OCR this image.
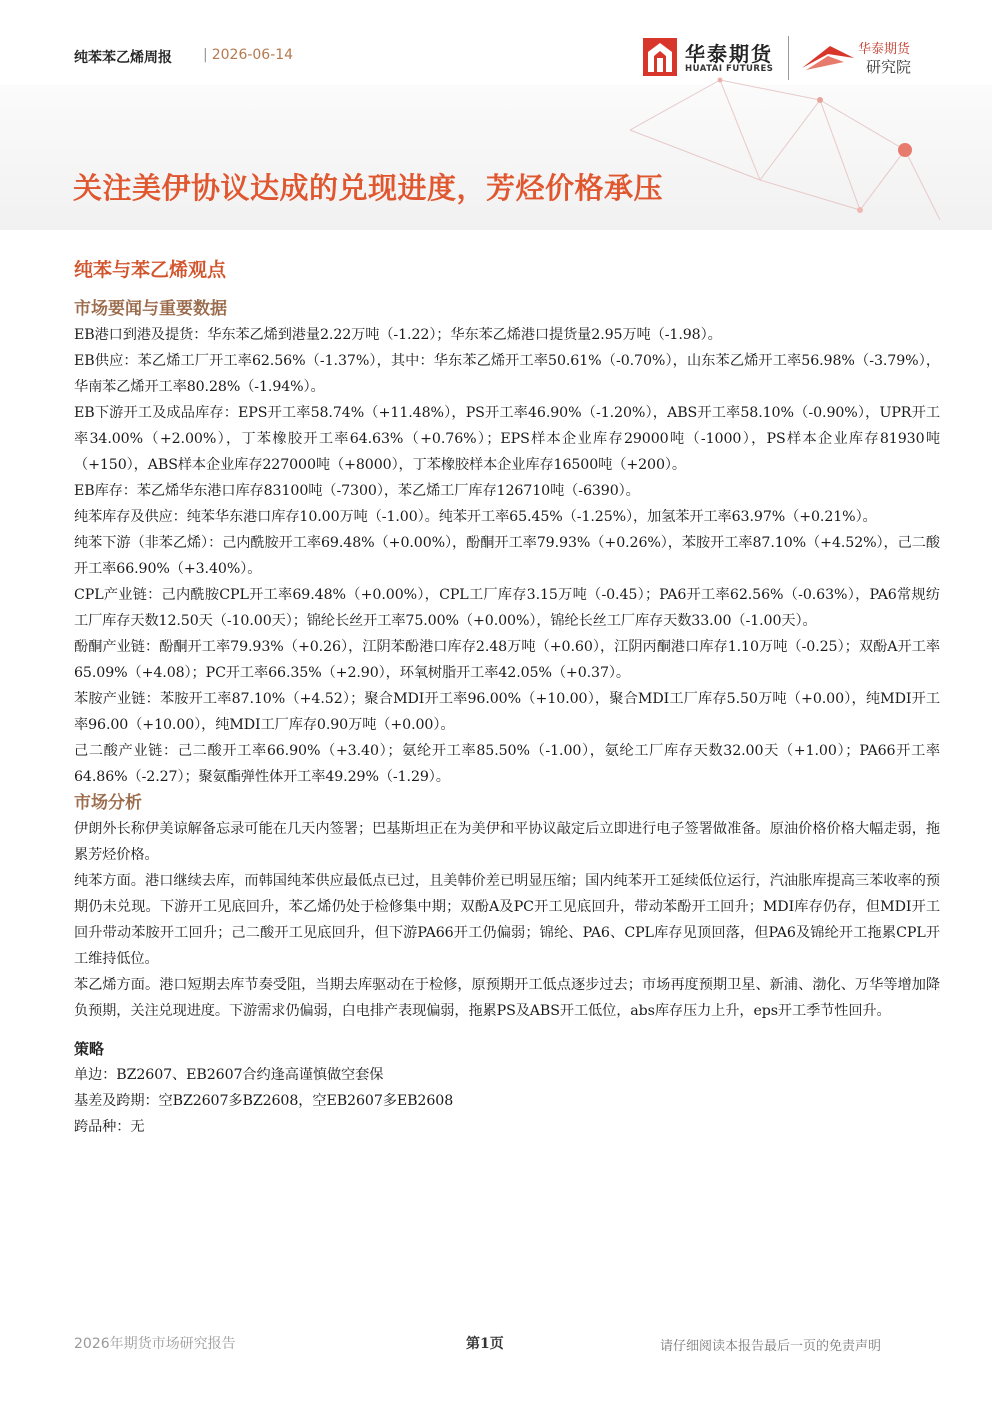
纯苯苯乙烯周报 | 2026-06-14	华泰期货
HUATAI FUTURES
华泰期货
研究院
关注美伊协议达成的兑现进度，芳烃价格承压
纯苯与苯乙烯观点
市场要闻与重要数据

EB港口到港及提货：华东苯乙烯到港量2.22万吨（-1.22）；华东苯乙烯港口提货量2.95万吨（-1.98）。

EB供应：苯乙烯工厂开工率62.56%（-1.37%），其中：华东苯乙烯开工率50.61%（-0.70%），山东苯乙烯开工率56.98%（-3.79%），华南苯乙烯开工率80.28%（-1.94%）。

EB下游开工及成品库存：EPS开工率58.74%（+11.48%），PS开工率46.90%（-1.20%），ABS开工率58.10%（-0.90%），UPR开工率34.00%（+2.00%），丁苯橡胶开工率64.63%（+0.76%）；EPS样本企业库存29000吨（-1000），PS样本企业库存81930吨（+150），ABS样本企业库存227000吨（+8000），丁苯橡胶样本企业库存16500吨（+200）。

EB库存：苯乙烯华东港口库存83100吨（-7300），苯乙烯工厂库存126710吨（-6390）。

纯苯库存及供应：纯苯华东港口库存10.00万吨（-1.00）。纯苯开工率65.45%（-1.25%），加氢苯开工率63.97%（+0.21%）。

纯苯下游（非苯乙烯）：己内酰胺开工率69.48%（+0.00%），酚酮开工率79.93%（+0.26%），苯胺开工率87.10%（+4.52%），己二酸开工率66.90%（+3.40%）。

CPL产业链：己内酰胺CPL开工率69.48%（+0.00%），CPL工厂库存3.15万吨（-0.45）；PA6开工率62.56%（-0.63%），PA6常规纺工厂库存天数12.50天（-10.00天）；锦纶长丝开工率75.00%（+0.00%），锦纶长丝工厂库存天数33.00（-1.00天）。

酚酮产业链：酚酮开工率79.93%（+0.26），江阴苯酚港口库存2.48万吨（+0.60），江阴丙酮港口库存1.10万吨（-0.25）；双酚A开工率65.09%（+4.08）；PC开工率66.35%（+2.90），环氧树脂开工率42.05%（+0.37）。

苯胺产业链：苯胺开工率87.10%（+4.52）；聚合MDI开工率96.00%（+10.00），聚合MDI工厂库存5.50万吨（+0.00），纯MDI开工率96.00（+10.00），纯MDI工厂库存0.90万吨（+0.00）。

己二酸产业链：己二酸开工率66.90%（+3.40）；氨纶开工率85.50%（-1.00），氨纶工厂库存天数32.00天（+1.00）；PA66开工率64.86%（-2.27）；聚氨酯弹性体开工率49.29%（-1.29）。

市场分析

伊朗外长称伊美谅解备忘录可能在几天内签署；巴基斯坦正在为美伊和平协议敲定后立即进行电子签署做准备。原油价格价格大幅走弱，拖累芳烃价格。

纯苯方面。港口继续去库，而韩国纯苯供应最低点已过，且美韩价差已明显压缩；国内纯苯开工延续低位运行，汽油胀库提高三苯收率的预期仍未兑现。下游开工见底回升，苯乙烯仍处于检修集中期；双酚A及PC开工见底回升，带动苯酚开工回升；MDI库存仍存，但MDI开工回升带动苯胺开工回升；己二酸开工见底回升，但下游PA66开工仍偏弱；锦纶、PA6、CPL库存见顶回落，但PA6及锦纶开工拖累CPL开工维持低位。

苯乙烯方面。港口短期去库节奏受阻，当期去库驱动在于检修，原预期开工低点逐步过去；市场再度预期卫星、新浦、渤化、万华等增加降负预期，关注兑现进度。下游需求仍偏弱，白电排产表现偏弱，拖累PS及ABS开工低位，abs库存压力上升，eps开工季节性回升。

策略

单边：BZ2607、EB2607合约逢高谨慎做空套保

基差及跨期：空BZ2607多BZ2608，空EB2607多EB2608

跨品种：无

2026年期货市场研究报告	第1页	请仔细阅读本报告最后一页的免责声明
